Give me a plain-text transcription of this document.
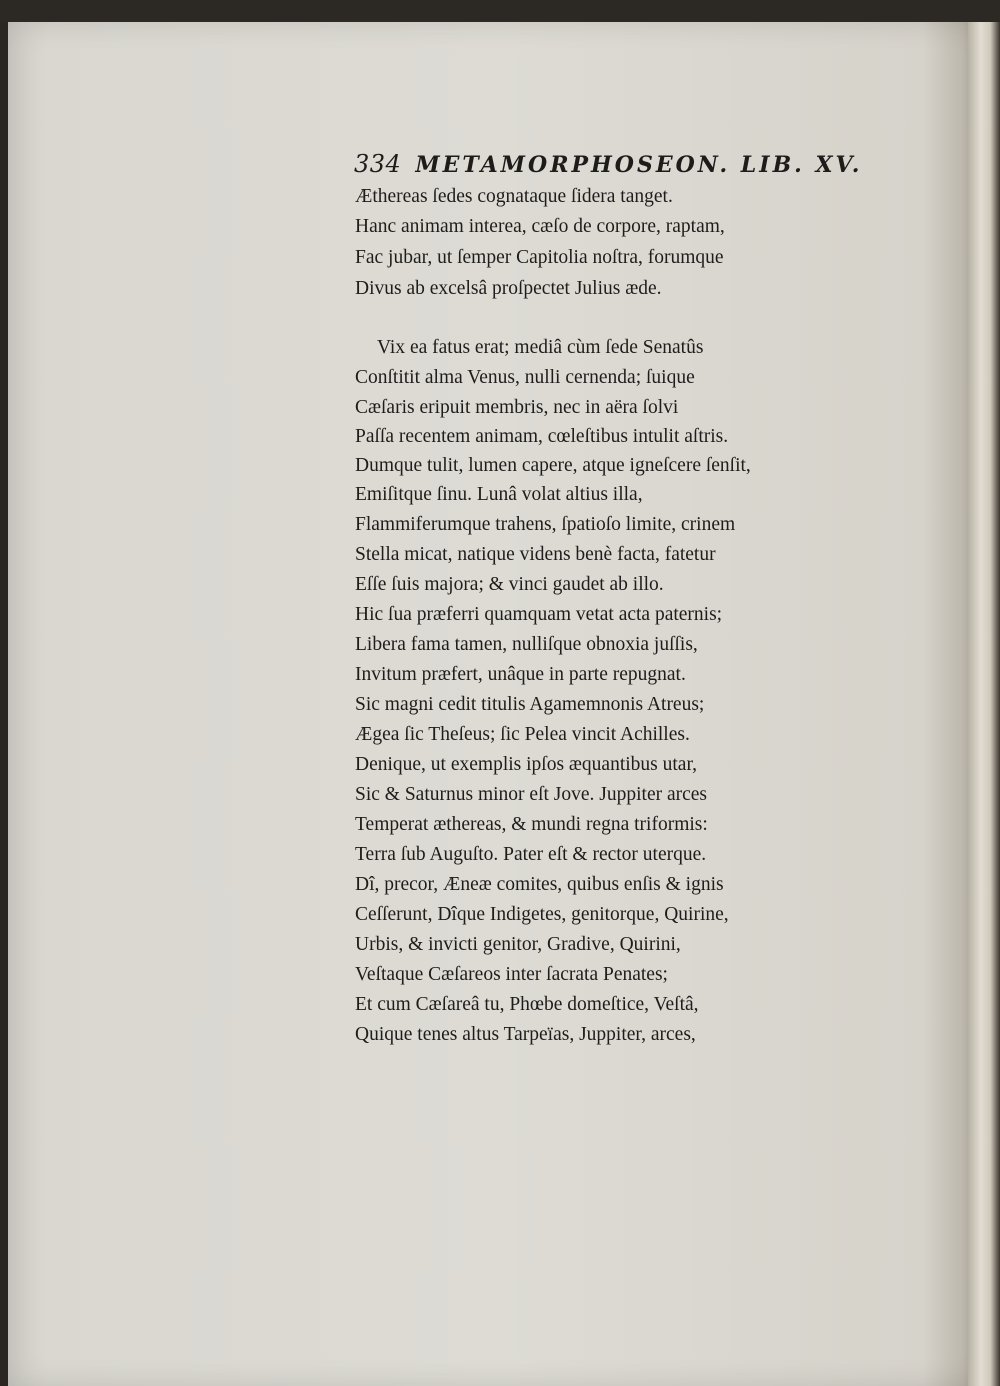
334 METAMORPHOSEON. LIB. XV.
Æthereas ſedes cognataque ſidera tanget.
Hanc animam interea, cæſo de corpore, raptam,
Fac jubar, ut ſemper Capitolia noſtra, forumque
Divus ab excelsâ proſpectet Julius æde.
Vix ea fatus erat; mediâ cùm ſede Senatûs
Conſtitit alma Venus, nulli cernenda; ſuique
Cæſaris eripuit membris, nec in aëra ſolvi
Paſſa recentem animam, cœleſtibus intulit aſtris.
Dumque tulit, lumen capere, atque igneſcere ſenſit,
Emiſitque ſinu. Lunâ volat altius illa,
Flammiferumque trahens, ſpatioſo limite, crinem
Stella micat, natique videns benè facta, fatetur
Eſſe ſuis majora; & vinci gaudet ab illo.
Hic ſua præferri quamquam vetat acta paternis;
Libera fama tamen, nulliſque obnoxia juſſis,
Invitum præfert, unâque in parte repugnat.
Sic magni cedit titulis Agamemnonis Atreus;
Ægea ſic Theſeus; ſic Pelea vincit Achilles.
Denique, ut exemplis ipſos æquantibus utar,
Sic & Saturnus minor eſt Jove. Juppiter arces
Temperat æthereas, & mundi regna triformis:
Terra ſub Auguſto. Pater eſt & rector uterque.
Dî, precor, Æneæ comites, quibus enſis & ignis
Ceſſerunt, Dîque Indigetes, genitorque, Quirine,
Urbis, & invicti genitor, Gradive, Quirini,
Veſtaque Cæſareos inter ſacrata Penates;
Et cum Cæſareâ tu, Phœbe domeſtice, Veſtâ,
Quique tenes altus Tarpeïas, Juppiter, arces,
